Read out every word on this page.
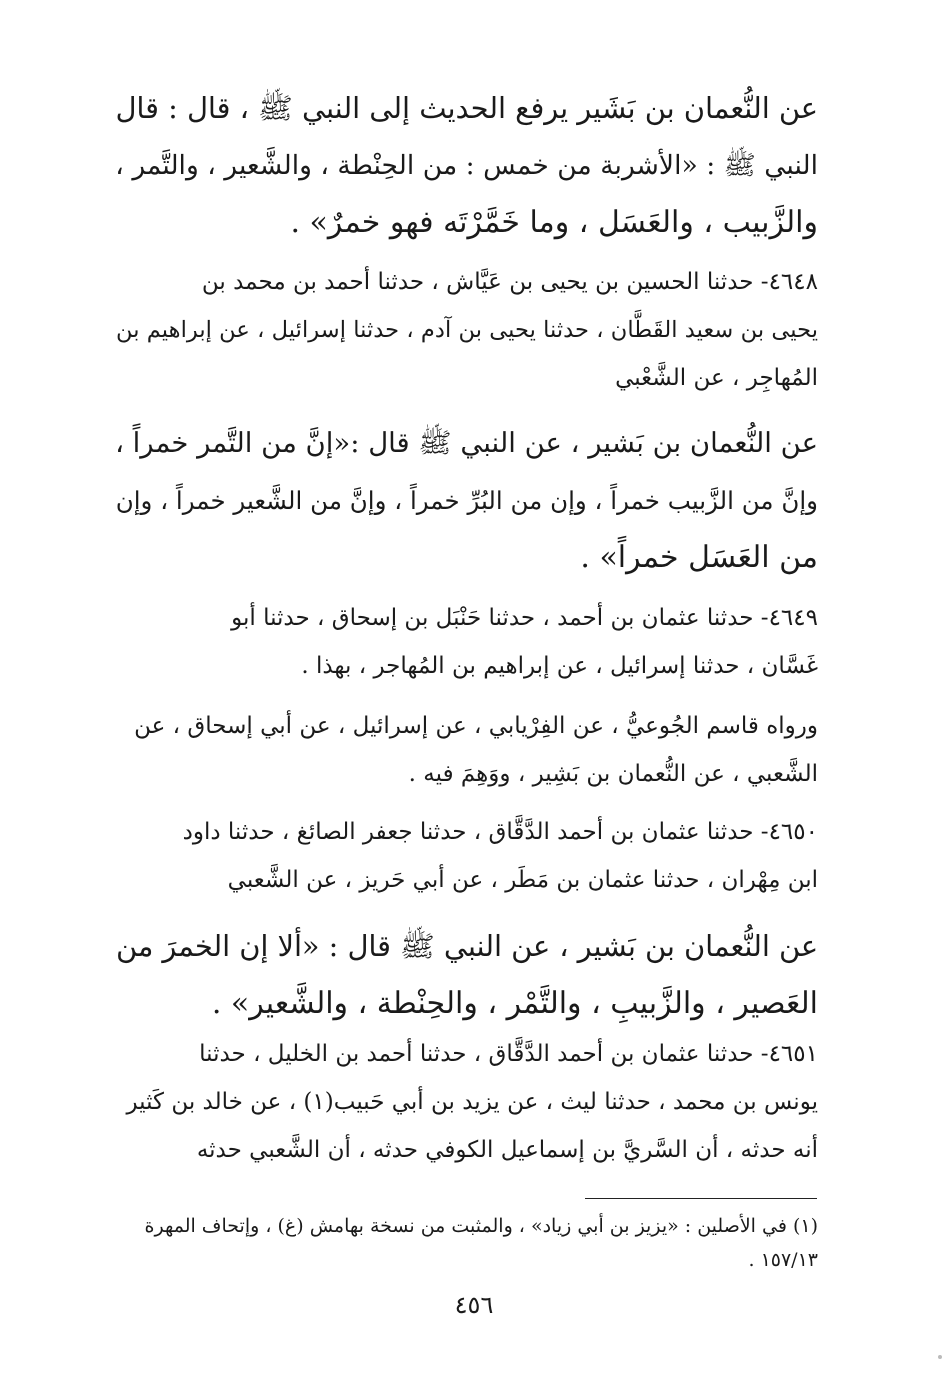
عن النُّعمان بن بَشَير يرفع الحديث إلى النبي ﷺ ، قال : قال
النبي ﷺ : «الأشربة من خمس : من الحِنْطة ، والشَّعير ، والتَّمر ،
والزَّبيب ، والعَسَل ، وما خَمَّرْتَه فهو خمرٌ» .
٤٦٤٨- حدثنا الحسين بن يحيى بن عَيَّاش ، حدثنا أحمد بن محمد بن
يحيى بن سعيد القَطَّان ، حدثنا يحيى بن آدم ، حدثنا إسرائيل ، عن إبراهيم بن
المُهاجِر ، عن الشَّعْبي
عن النُّعمان بن بَشير ، عن النبي ﷺ قال :«إنَّ من التَّمر خمراً ،
وإنَّ من الزَّبيب خمراً ، وإن من البُرِّ خمراً ، وإنَّ من الشَّعير خمراً ، وإن
من العَسَل خمراً» .
٤٦٤٩- حدثنا عثمان بن أحمد ، حدثنا حَنْبَل بن إسحاق ، حدثنا أبو
غَسَّان ، حدثنا إسرائيل ، عن إبراهيم بن المُهاجر ، بهذا .
ورواه قاسم الجُوعيُّ ، عن الفِرْيابي ، عن إسرائيل ، عن أبي إسحاق ، عن
الشَّعبي ، عن النُّعمان بن بَشِير ، ووَهِمَ فيه .
٤٦٥٠- حدثنا عثمان بن أحمد الدَّقَّاق ، حدثنا جعفر الصائغ ، حدثنا داود
ابن مِهْران ، حدثنا عثمان بن مَطَر ، عن أبي حَريز ، عن الشَّعبي
عن النُّعمان بن بَشير ، عن النبي ﷺ قال : «ألا إن الخمرَ من
العَصير ، والزَّبيبِ ، والتَّمْر ، والحِنْطة ، والشَّعير» .
٤٦٥١- حدثنا عثمان بن أحمد الدَّقَّاق ، حدثنا أحمد بن الخليل ، حدثنا
يونس بن محمد ، حدثنا ليث ، عن يزيد بن أبي حَبيب(١) ، عن خالد بن كَثير
أنه حدثه ، أن السَّريَّ بن إسماعيل الكوفي حدثه ، أن الشَّعبي حدثه
(١) في الأصلين : «يزيز بن أبي زياد» ، والمثبت من نسخة بهامش (غ) ، وإتحاف المهرة
١٥٧/١٣ .
٤٥٦
